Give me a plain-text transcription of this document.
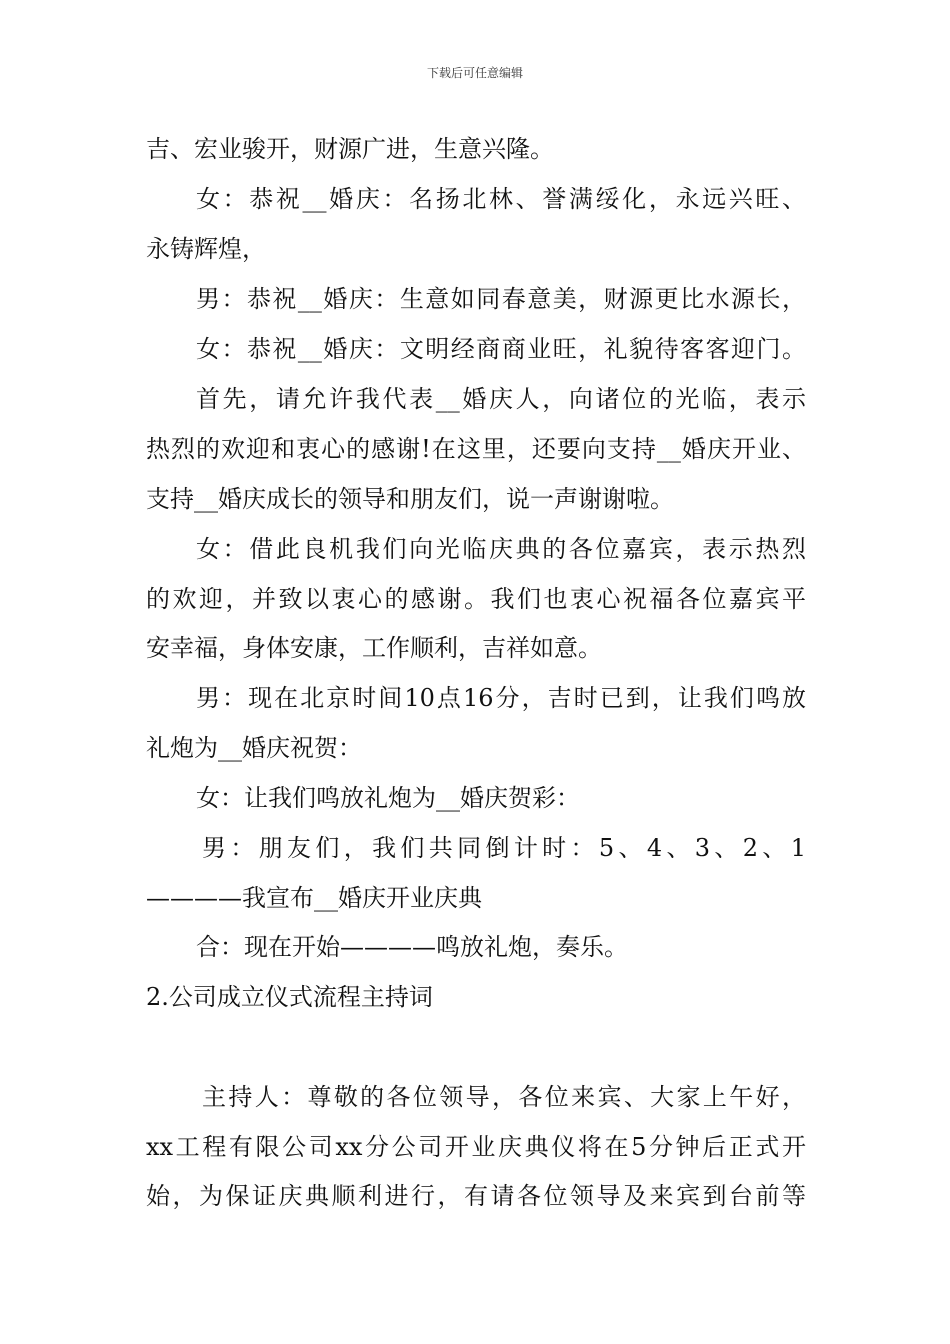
下载后可任意编辑
吉、宏业骏开，财源广进，生意兴隆。
女：恭祝__婚庆：名扬北林、誉满绥化，永远兴旺、
永铸辉煌，
男：恭祝__婚庆：生意如同春意美，财源更比水源长，
女：恭祝__婚庆：文明经商商业旺，礼貌待客客迎门。
首先，请允许我代表__婚庆人，向诸位的光临，表示
热烈的欢迎和衷心的感谢!在这里，还要向支持__婚庆开业、
支持__婚庆成长的领导和朋友们，说一声谢谢啦。
女：借此良机我们向光临庆典的各位嘉宾，表示热烈
的欢迎，并致以衷心的感谢。我们也衷心祝福各位嘉宾平
安幸福，身体安康，工作顺利，吉祥如意。
男：现在北京时间10点16分，吉时已到，让我们鸣放
礼炮为__婚庆祝贺：
女：让我们鸣放礼炮为__婚庆贺彩：
男：朋友们，我们共同倒计时：5、4、3、2、1
————我宣布__婚庆开业庆典
合：现在开始————鸣放礼炮，奏乐。
2.公司成立仪式流程主持词
主持人：尊敬的各位领导，各位来宾、大家上午好，
xx工程有限公司xx分公司开业庆典仪将在5分钟后正式开
始，为保证庆典顺利进行，有请各位领导及来宾到台前等
